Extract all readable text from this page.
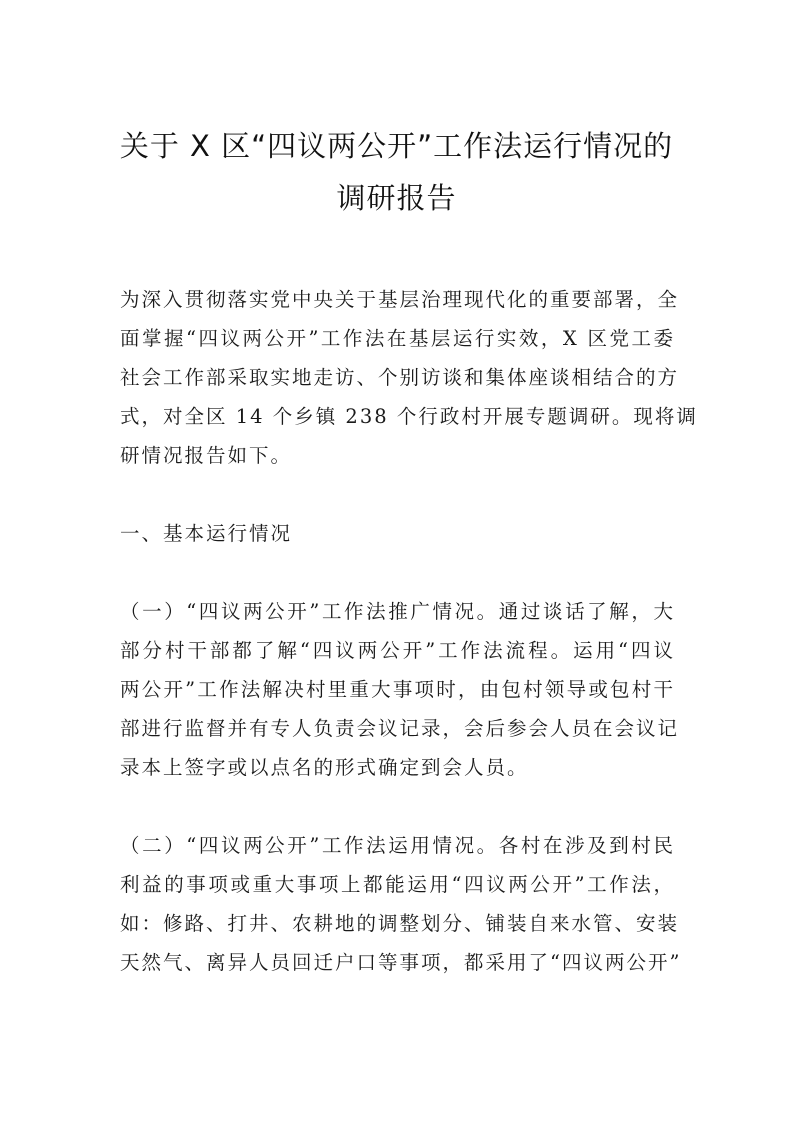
关于 X 区“四议两公开”工作法运行情况的
调研报告
为深入贯彻落实党中央关于基层治理现代化的重要部署，全
面掌握“四议两公开”工作法在基层运行实效，X 区党工委
社会工作部采取实地走访、个别访谈和集体座谈相结合的方
式，对全区 14 个乡镇 238 个行政村开展专题调研。现将调
研情况报告如下。
一、基本运行情况
（一）“四议两公开”工作法推广情况。通过谈话了解，大
部分村干部都了解“四议两公开”工作法流程。运用“四议
两公开”工作法解决村里重大事项时，由包村领导或包村干
部进行监督并有专人负责会议记录，会后参会人员在会议记
录本上签字或以点名的形式确定到会人员。
（二）“四议两公开”工作法运用情况。各村在涉及到村民
利益的事项或重大事项上都能运用“四议两公开”工作法，
如：修路、打井、农耕地的调整划分、铺装自来水管、安装
天然气、离异人员回迁户口等事项，都采用了“四议两公开”
